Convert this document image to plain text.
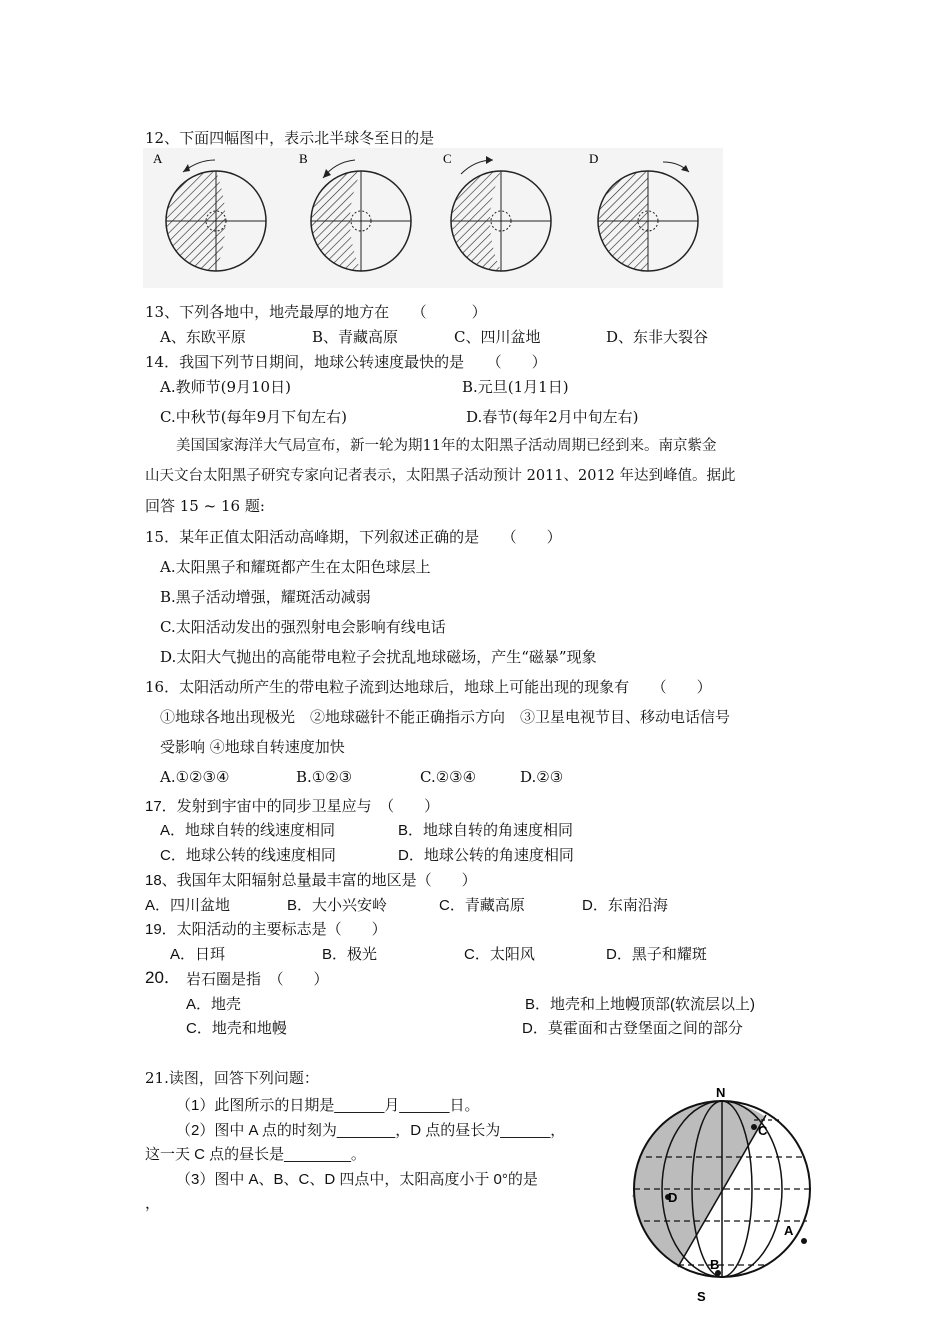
12、下面四幅图中，表示北半球冬至日的是
A	B	C	D
13、下列各地中，地壳最厚的地方在　　（　　　）
A、东欧平原	B、青藏高原	C、四川盆地	D、东非大裂谷
14．我国下列节日期间，地球公转速度最快的是　　（　　）
A.教师节(9月10日)	B.元旦(1月1日)
C.中秋节(每年9月下旬左右)	D.春节(每年2月中旬左右)
美国国家海洋大气局宣布，新一轮为期11年的太阳黑子活动周期已经到来。南京紫金
山天文台太阳黑子研究专家向记者表示，太阳黑子活动预计 2011、2012 年达到峰值。据此
回答 15 ~ 16 题:
15．某年正值太阳活动高峰期，下列叙述正确的是　　（　　）
A.太阳黑子和耀斑都产生在太阳色球层上
B.黑子活动增强，耀斑活动减弱
C.太阳活动发出的强烈射电会影响有线电话
D.太阳大气抛出的高能带电粒子会扰乱地球磁场，产生“磁暴”现象
16．太阳活动所产生的带电粒子流到达地球后，地球上可能出现的现象有　　（　　）
①地球各地出现极光　②地球磁针不能正确指示方向　③卫星电视节目、移动电话信号
受影响 ④地球自转速度加快
A.①②③④	B.①②③	C.②③④	D.②③
17．发射到宇宙中的同步卫星应与　（　　）
A．地球自转的线速度相同	B．地球自转的角速度相同
C．地球公转的线速度相同	D．地球公转的角速度相同
18、我国年太阳辐射总量最丰富的地区是（　　）
A．四川盆地	B．大小兴安岭	C．青藏高原	D．东南沿海
19．太阳活动的主要标志是（　　）
A．日珥	B．极光	C．太阳风	D．黑子和耀斑
20． 岩石圈是指　（　　）
A．地壳	B．地壳和上地幔顶部(软流层以上)
C．地壳和地幔	D．莫霍面和古登堡面之间的部分
21.读图，回答下列问题：
（1）此图所示的日期是______月______日。
（2）图中 A 点的时刻为_______，D 点的昼长为______，
这一天 C 点的昼长是________。
（3）图中 A、B、C、D 四点中，太阳高度小于 0°的是
，
N
S
C
D
A
B
